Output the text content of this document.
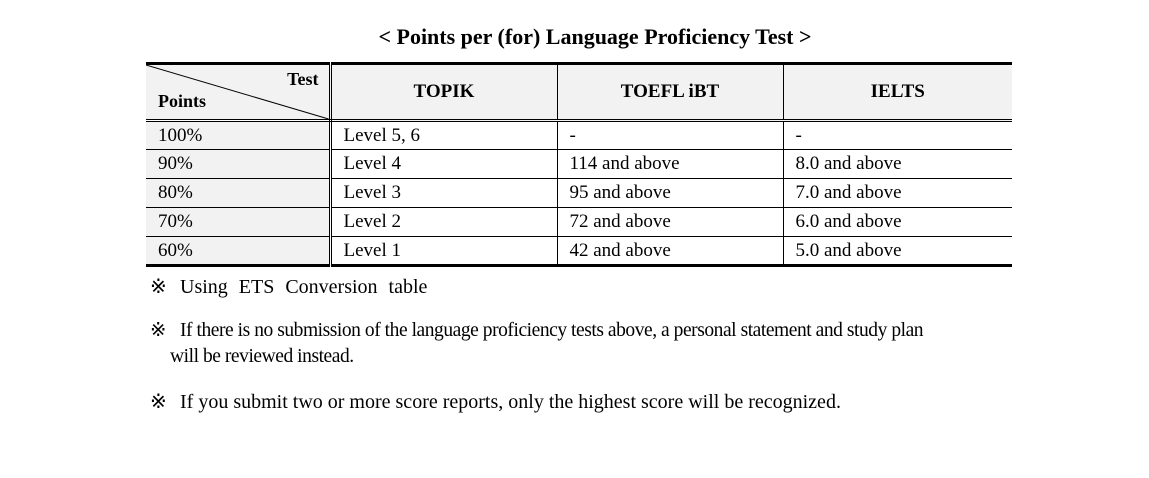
< Points per (for) Language Proficiency Test >
Test
Points	TOPIK	TOEFL iBT	IELTS
100%	Level 5, 6	-	-
90%	Level 4	114 and above	8.0 and above
80%	Level 3	95 and above	7.0 and above
70%	Level 2	72 and above	6.0 and above
60%	Level 1	42 and above	5.0 and above
※ Using ETS Conversion table
※ If there is no submission of the language proficiency tests above, a personal statement and study plan
will be reviewed instead.
※ If you submit two or more score reports, only the highest score will be recognized.
